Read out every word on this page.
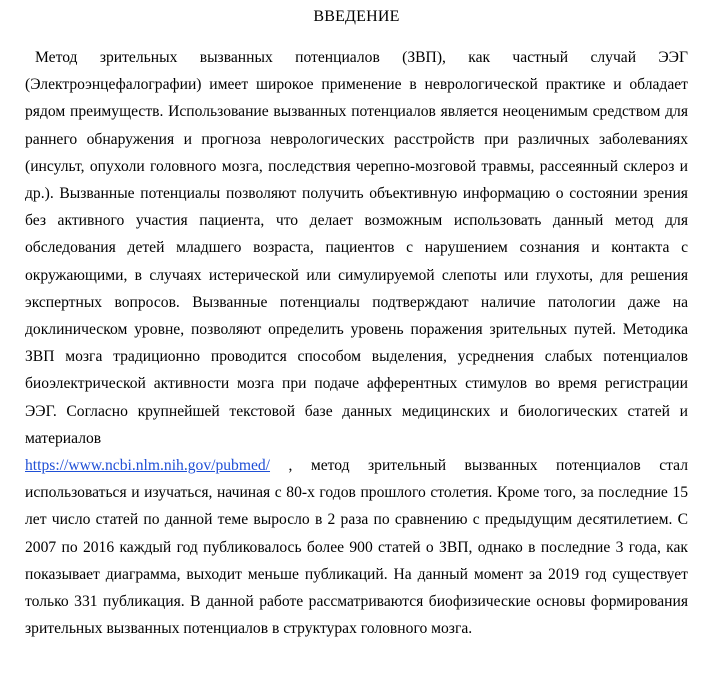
ВВЕДЕНИЕ

Метод зрительных вызванных потенциалов (ЗВП), как частный случай ЭЭГ (Электроэнцефалографии) имеет широкое применение в неврологической практике и обладает рядом преимуществ. Использование вызванных потенциалов является неоценимым средством для раннего обнаружения и прогноза неврологических расстройств при различных заболеваниях (инсульт, опухоли головного мозга, последствия черепно-мозговой травмы, рассеянный склероз и др.). Вызванные потенциалы позволяют получить объективную информацию о состоянии зрения без активного участия пациента, что делает возможным использовать данный метод для обследования детей младшего возраста, пациентов с нарушением сознания и контакта с окружающими, в случаях истерической или симулируемой слепоты или глухоты, для решения экспертных вопросов. Вызванные потенциалы подтверждают наличие патологии даже на доклиническом уровне, позволяют определить уровень поражения зрительных путей. Методика ЗВП мозга традиционно проводится способом выделения, усреднения слабых потенциалов биоэлектрической активности мозга при подаче афферентных стимулов во время регистрации ЭЭГ. Согласно крупнейшей текстовой базе данных медицинских и биологических статей и материалов
https://www.ncbi.nlm.nih.gov/pubmed/ , метод зрительный вызванных потенциалов стал использоваться и изучаться, начиная с 80-х годов прошлого столетия. Кроме того, за последние 15 лет число статей по данной теме выросло в 2 раза по сравнению с предыдущим десятилетием. С 2007 по 2016 каждый год публиковалось более 900 статей о ЗВП, однако в последние 3 года, как показывает диаграмма, выходит меньше публикаций. На данный момент за 2019 год существует только 331 публикация. В данной работе рассматриваются биофизические основы формирования зрительных вызванных потенциалов в структурах головного мозга.
